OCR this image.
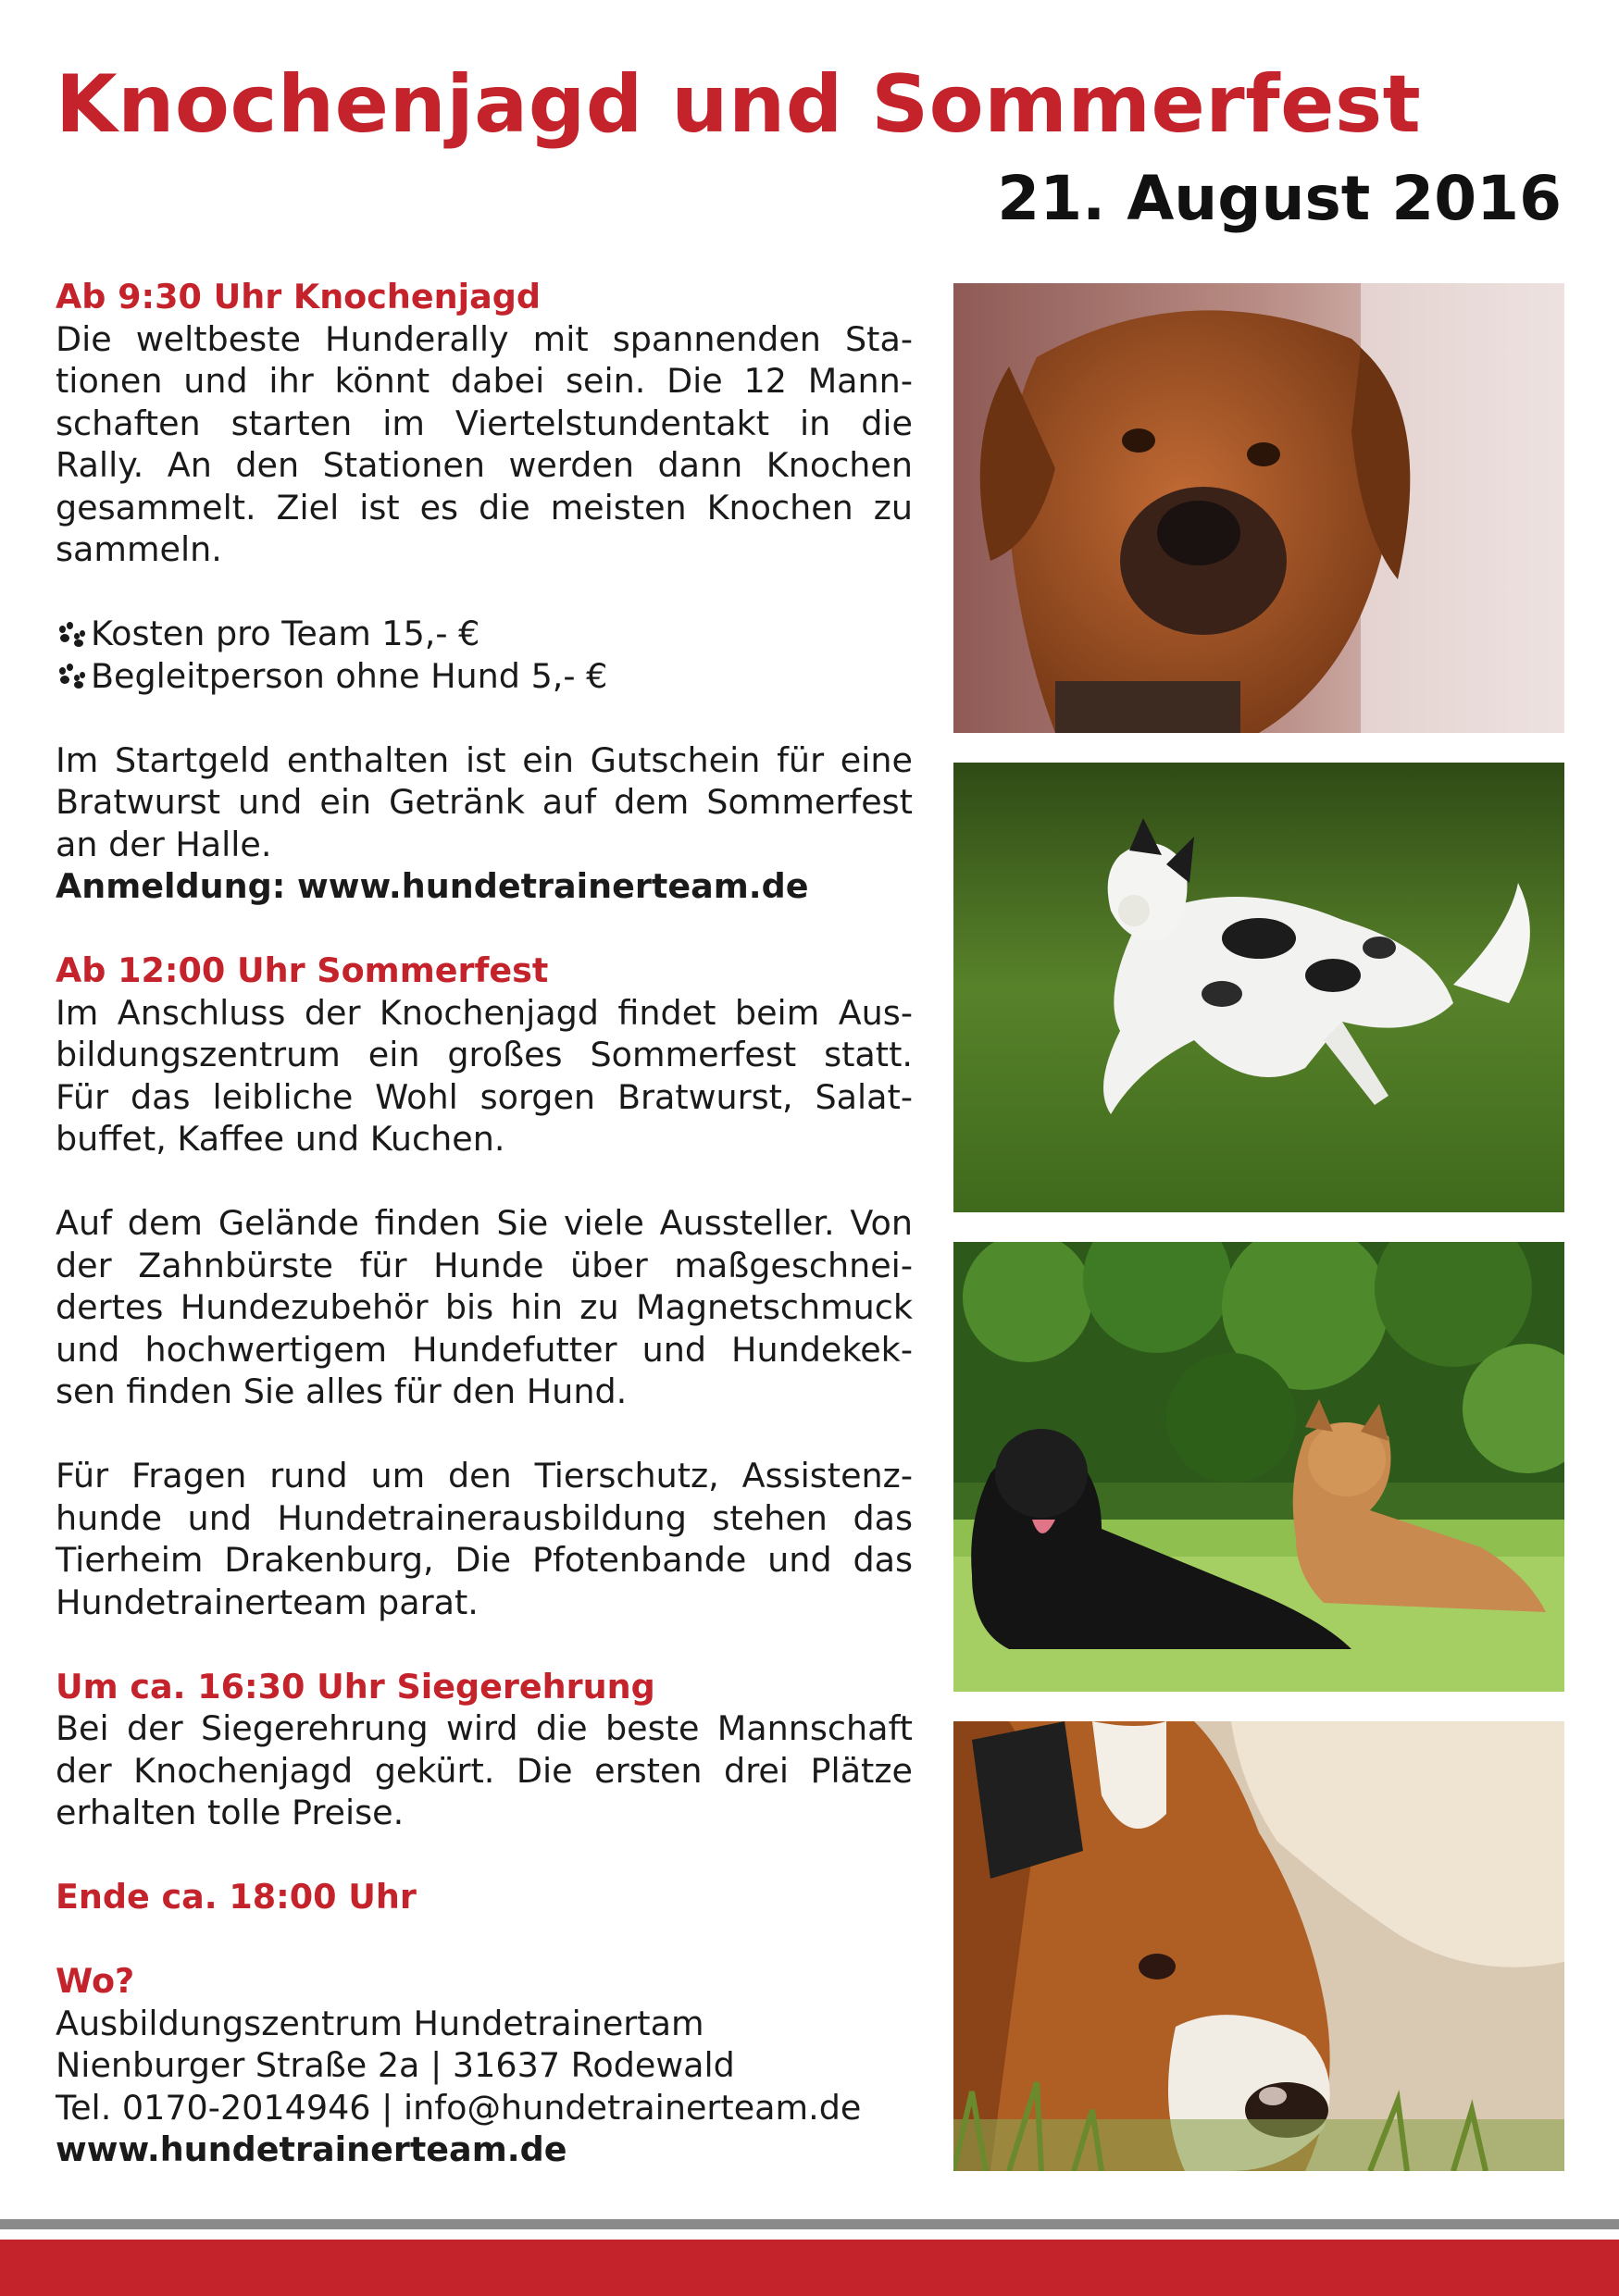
Knochenjagd und Sommerfest
21. August 2016

Ab 9:30 Uhr Knochenjagd

Die weltbeste Hunderally mit spannenden Sta-

tionen und ihr könnt dabei sein. Die 12 Mann-

schaften starten im Viertelstundentakt in die

Rally. An den Stationen werden dann Knochen

gesammelt. Ziel ist es die meisten Knochen zu

sammeln.

Kosten pro Team 15,- €
Begleitperson ohne Hund 5,- €

Im Startgeld enthalten ist ein Gutschein für eine

Bratwurst und ein Getränk auf dem Sommerfest

an der Halle.

Anmeldung: www.hundetrainerteam.de

Ab 12:00 Uhr Sommerfest

Im Anschluss der Knochenjagd findet beim Aus-

bildungszentrum ein großes Sommerfest statt.

Für das leibliche Wohl sorgen Bratwurst, Salat-

buffet, Kaffee und Kuchen.

Auf dem Gelände finden Sie viele Aussteller. Von

der Zahnbürste für Hunde über maßgeschnei-

dertes Hundezubehör bis hin zu Magnetschmuck

und hochwertigem Hundefutter und Hundekek-

sen finden Sie alles für den Hund.

Für Fragen rund um den Tierschutz, Assistenz-

hunde und Hundetrainerausbildung stehen das

Tierheim Drakenburg, Die Pfotenbande und das

Hundetrainerteam parat.

Um ca. 16:30 Uhr Siegerehrung

Bei der Siegerehrung wird die beste Mannschaft

der Knochenjagd gekürt. Die ersten drei Plätze

erhalten tolle Preise.

Ende ca. 18:00 Uhr

Wo?

Ausbildungszentrum Hundetrainertam

Nienburger Straße 2a | 31637 Rodewald

Tel. 0170-2014946 | info@hundetrainerteam.de

www.hundetrainerteam.de
